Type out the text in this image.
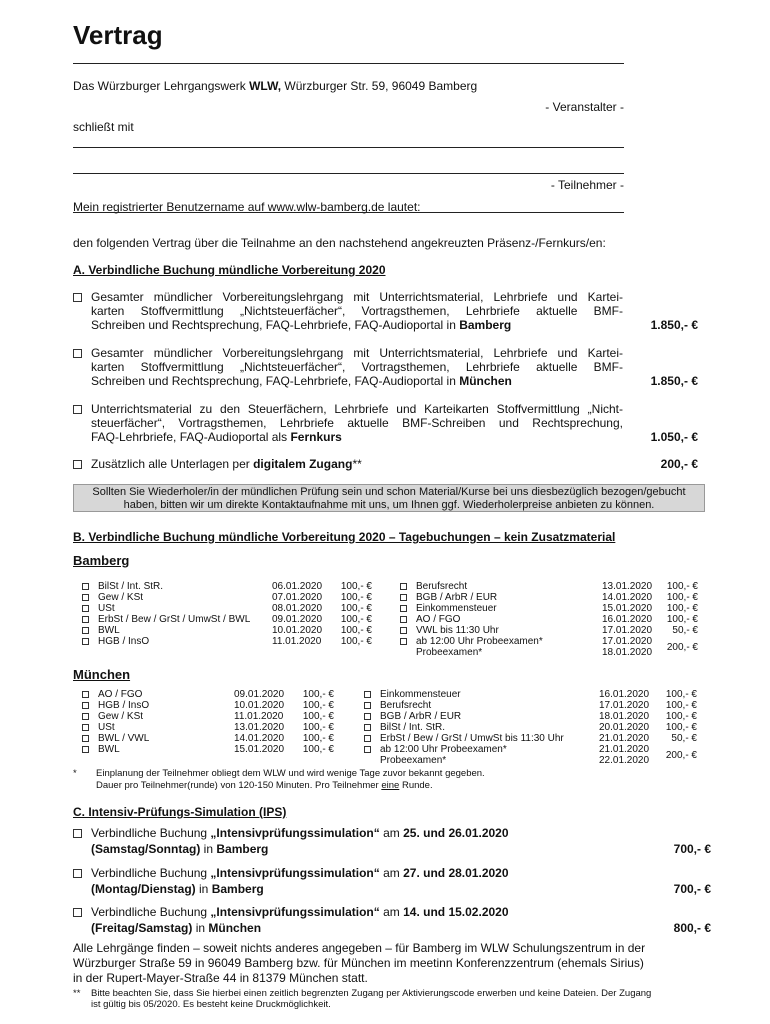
Vertrag
Das Würzburger Lehrgangswerk WLW, Würzburger Str. 59, 96049 Bamberg
- Veranstalter -
schließt mit
- Teilnehmer -
Mein registrierter Benutzername auf www.wlw-bamberg.de lautet:
den folgenden Vertrag über die Teilnahme an den nachstehend angekreuzten Präsenz-/Fernkurs/en:
A. Verbindliche Buchung mündliche Vorbereitung 2020
Gesamter mündlicher Vorbereitungslehrgang mit Unterrichtsmaterial, Lehrbriefe und Kartei-
karten Stoffvermittlung „Nichtsteuerfächer“, Vortragsthemen, Lehrbriefe aktuelle BMF-
Schreiben und Rechtsprechung, FAQ-Lehrbriefe, FAQ-Audioportal in Bamberg	1.850,- €
Gesamter mündlicher Vorbereitungslehrgang mit Unterrichtsmaterial, Lehrbriefe und Kartei-
karten Stoffvermittlung „Nichtsteuerfächer“, Vortragsthemen, Lehrbriefe aktuelle BMF-
Schreiben und Rechtsprechung, FAQ-Lehrbriefe, FAQ-Audioportal in München	1.850,- €
Unterrichtsmaterial zu den Steuerfächern, Lehrbriefe und Karteikarten Stoffvermittlung „Nicht-
steuerfächer“, Vortragsthemen, Lehrbriefe aktuelle BMF-Schreiben und Rechtsprechung,
FAQ-Lehrbriefe, FAQ-Audioportal als Fernkurs	1.050,- €
Zusätzlich alle Unterlagen per digitalem Zugang**	200,- €
Sollten Sie Wiederholer/in der mündlichen Prüfung sein und schon Material/Kurse bei uns diesbezüglich bezogen/gebucht
haben, bitten wir um direkte Kontaktaufnahme mit uns, um Ihnen ggf. Wiederholerpreise anbieten zu können.
B. Verbindliche Buchung mündliche Vorbereitung 2020 – Tagebuchungen – kein Zusatzmaterial
Bamberg
BilSt / Int. StR.	06.01.2020	100,- €
Gew / KSt	07.01.2020	100,- €
USt	08.01.2020	100,- €
ErbSt / Bew / GrSt / UmwSt / BWL 09.01.2020	100,- €
BWL	10.01.2020	100,- €
HGB / InsO	11.01.2020	100,- €
Berufsrecht	13.01.2020	100,- €
BGB / ArbR / EUR	14.01.2020	100,- €
Einkommensteuer	15.01.2020	100,- €
AO / FGO	16.01.2020	100,- €
VWL bis 11:30 Uhr	17.01.2020	50,- €
ab 12:00 Uhr Probeexamen*
Probeexamen*
17.01.2020
18.01.2020	200,- €
München
AO / FGO	09.01.2020	100,- €
HGB / InsO	10.01.2020	100,- €
Gew / KSt	11.01.2020	100,- €
USt	13.01.2020	100,- €
BWL / VWL	14.01.2020	100,- €
BWL	15.01.2020	100,- €
Einkommensteuer	16.01.2020	100,- €
Berufsrecht	17.01.2020	100,- €
BGB / ArbR / EUR	18.01.2020	100,- €
BilSt / Int. StR.	20.01.2020	100,- €
ErbSt / Bew / GrSt / UmwSt bis 11:30 Uhr	21.01.2020	50,- €
ab 12:00 Uhr Probeexamen*
Probeexamen*
21.01.2020
22.01.2020	200,- €
* Einplanung der Teilnehmer obliegt dem WLW und wird wenige Tage zuvor bekannt gegeben.
Dauer pro Teilnehmer(runde) von 120-150 Minuten. Pro Teilnehmer eine Runde.
C. Intensiv-Prüfungs-Simulation (IPS)
Verbindliche Buchung „Intensivprüfungssimulation“ am 25. und 26.01.2020
(Samstag/Sonntag) in Bamberg	700,- €
Verbindliche Buchung „Intensivprüfungssimulation“ am 27. und 28.01.2020
(Montag/Dienstag) in Bamberg	700,- €
Verbindliche Buchung „Intensivprüfungssimulation“ am 14. und 15.02.2020
(Freitag/Samstag) in München	800,- €
Alle Lehrgänge finden – soweit nichts anderes angegeben – für Bamberg im WLW Schulungszentrum in der
Würzburger Straße 59 in 96049 Bamberg bzw. für München im meetinn Konferenzzentrum (ehemals Sirius)
in der Rupert-Mayer-Straße 44 in 81379 München statt.
** Bitte beachten Sie, dass Sie hierbei einen zeitlich begrenzten Zugang per Aktivierungscode erwerben und keine Dateien. Der Zugang
ist gültig bis 05/2020. Es besteht keine Druckmöglichkeit.
